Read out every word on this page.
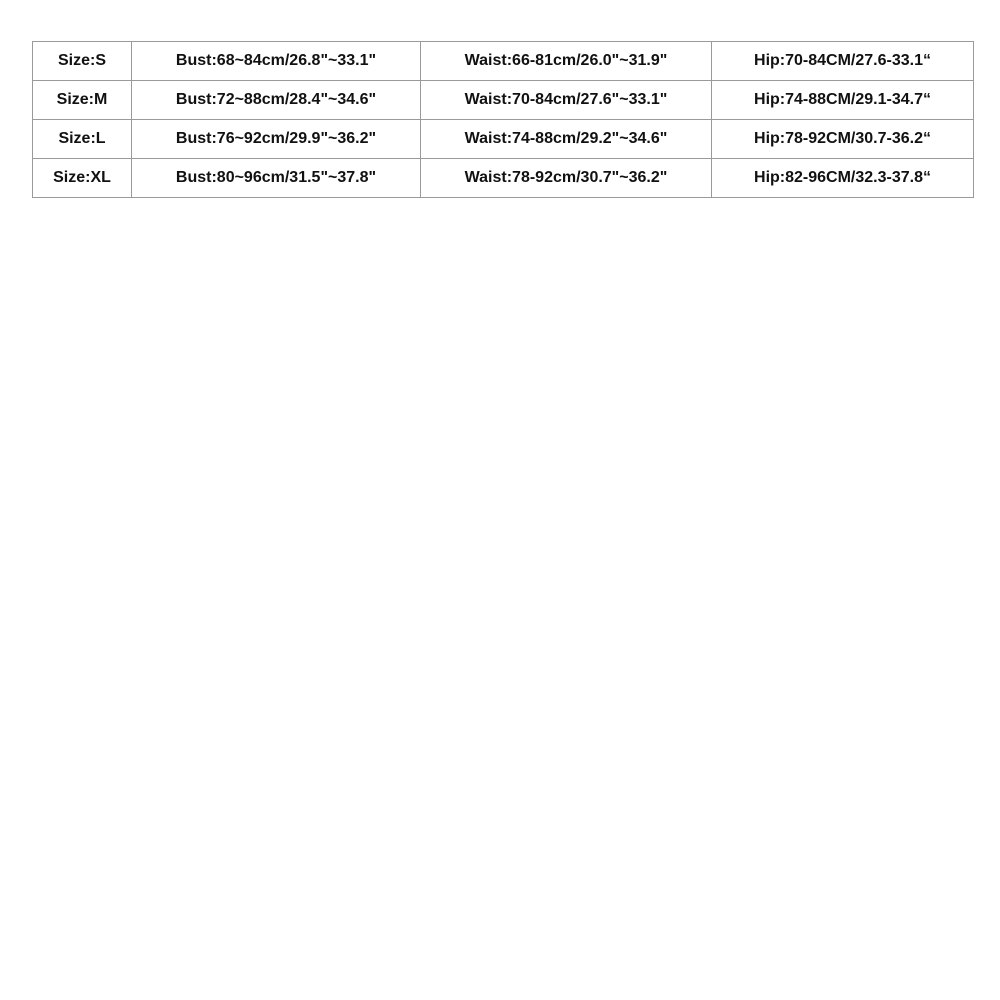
Size:S	Bust:68~84cm/26.8"~33.1"	Waist:66-81cm/26.0"~31.9"	Hip:70-84CM/27.6-33.1“
Size:M	Bust:72~88cm/28.4"~34.6"	Waist:70-84cm/27.6"~33.1"	Hip:74-88CM/29.1-34.7“
Size:L	Bust:76~92cm/29.9"~36.2"	Waist:74-88cm/29.2"~34.6"	Hip:78-92CM/30.7-36.2“
Size:XL	Bust:80~96cm/31.5"~37.8"	Waist:78-92cm/30.7"~36.2"	Hip:82-96CM/32.3-37.8“
